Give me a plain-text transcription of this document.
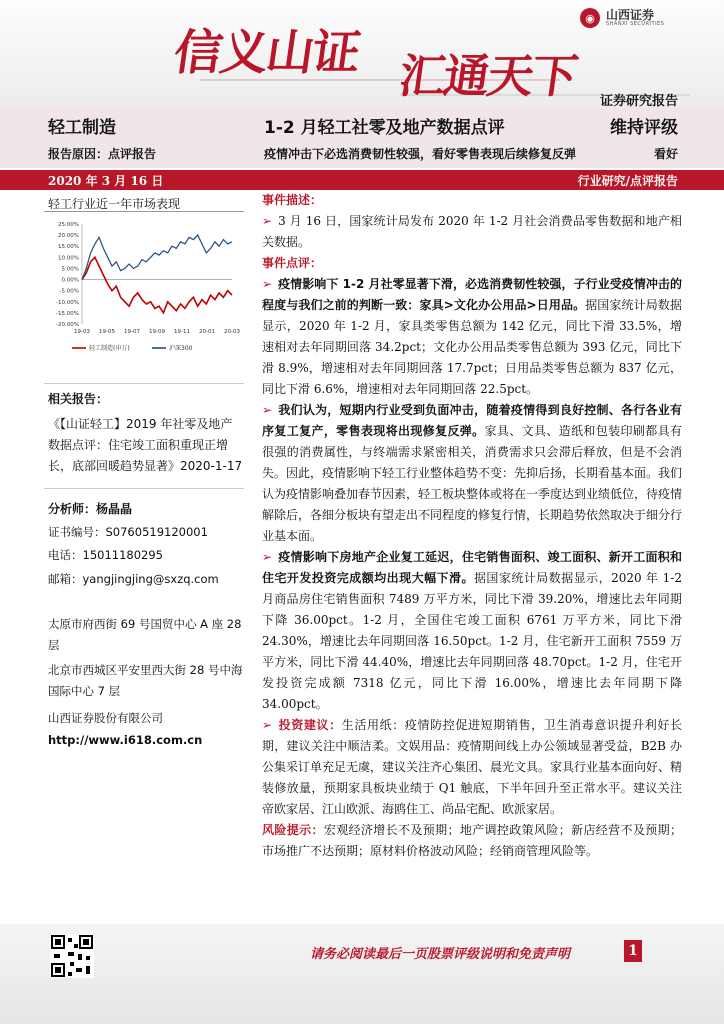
信义山证 汇通天下
◉ 山西证券
SHANXI SECURITIES
证券研究报告
轻工制造	1-2 月轻工社零及地产数据点评	维持评级
报告原因：点评报告	疫情冲击下必选消费韧性较强，看好零售表现后续修复反弹	看好
2020 年 3 月 16 日	行业研究/点评报告
轻工行业近一年市场表现
25.00%
20.00%
15.00%
10.00%
5.00%
0.00%
-5.00%
-10.00%
-15.00%
-20.00%
19-03 19-05 19-07 19-09 19-11 20-01 20-03
轻工制造(申万)	沪深300
相关报告：
《【山证轻工】2019 年社零及地产数据点评：住宅竣工面积重现正增长，底部回暖趋势显著》2020-1-17
分析师：杨晶晶
证书编号：S0760519120001
电话：15011180295
邮箱：yangjingjing@sxzq.com
太原市府西街 69 号国贸中心 A 座 28 层
北京市西城区平安里西大街 28 号中海国际中心 7 层
山西证券股份有限公司
http://www.i618.com.cn

事件描述：

➢ 3 月 16 日，国家统计局发布 2020 年 1-2 月社会消费品零售数据和地产相关数据。

事件点评：

➢ 疫情影响下 1-2 月社零显著下滑，必选消费韧性较强，子行业受疫情冲击的程度与我们之前的判断一致：家具>文化办公用品>日用品。据国家统计局数据显示，2020 年 1-2 月，家具类零售总额为 142 亿元，同比下滑 33.5%，增速相对去年同期回落 34.2pct；文化办公用品类零售总额为 393 亿元，同比下滑 8.9%，增速相对去年同期回落 17.7pct；日用品类零售总额为 837 亿元，同比下滑 6.6%，增速相对去年同期回落 22.5pct。

➢ 我们认为，短期内行业受到负面冲击，随着疫情得到良好控制、各行各业有序复工复产，零售表现将出现修复反弹。家具、文具、造纸和包装印刷都具有很强的消费属性，与终端需求紧密相关，消费需求只会滞后释放，但是不会消失。因此，疫情影响下轻工行业整体趋势不变：先抑后扬，长期看基本面。我们认为疫情影响叠加春节因素，轻工板块整体或将在一季度达到业绩低位，待疫情解除后，各细分板块有望走出不同程度的修复行情，长期趋势依然取决于细分行业基本面。

➢ 疫情影响下房地产企业复工延迟，住宅销售面积、竣工面积、新开工面积和住宅开发投资完成额均出现大幅下滑。据国家统计局数据显示，2020 年 1-2 月商品房住宅销售面积 7489 万平方米，同比下滑 39.20%，增速比去年同期下降 36.00pct。1-2 月，全国住宅竣工面积 6761 万平方米，同比下滑 24.30%，增速比去年同期回落 16.50pct。1-2 月，住宅新开工面积 7559 万平方米，同比下滑 44.40%，增速比去年同期回落 48.70pct。1-2 月，住宅开发投资完成额 7318 亿元，同比下滑 16.00%，增速比去年同期下降 34.00pct。

➢ 投资建议：生活用纸：疫情防控促进短期销售，卫生消毒意识提升利好长期，建议关注中顺洁柔。文娱用品：疫情期间线上办公领域显著受益，B2B 办公集采订单充足无虞，建议关注齐心集团、晨光文具。家具行业基本面向好、精装修放量，预期家具板块业绩于 Q1 触底，下半年回升至正常水平。建议关注帝欧家居、江山欧派、海鸥住工、尚品宅配、欧派家居。

风险提示：宏观经济增长不及预期；地产调控政策风险；新店经营不及预期；市场推广不达预期；原材料价格波动风险；经销商管理风险等。

请务必阅读最后一页股票评级说明和免责声明	1
